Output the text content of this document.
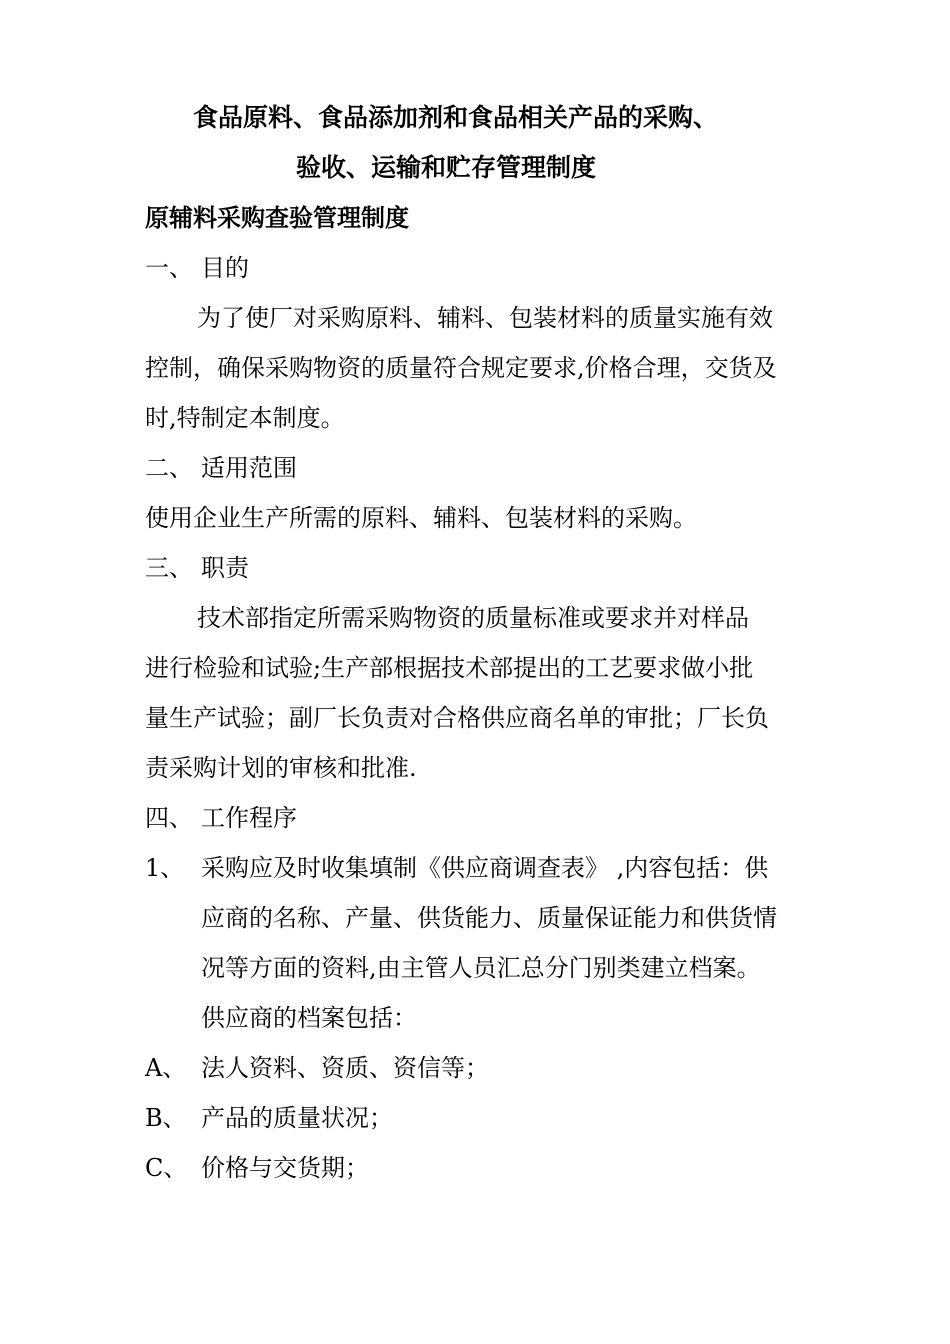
食品原料、食品添加剂和食品相关产品的采购、
验收、运输和贮存管理制度
原辅料采购查验管理制度
一、 目的
为了使厂对采购原料、辅料、包装材料的质量实施有效
控制，确保采购物资的质量符合规定要求,价格合理，交货及
时,特制定本制度。
二、 适用范围
使用企业生产所需的原料、辅料、包装材料的采购。
三、 职责
技术部指定所需采购物资的质量标准或要求并对样品
进行检验和试验;生产部根据技术部提出的工艺要求做小批
量生产试验；副厂长负责对合格供应商名单的审批；厂长负
责采购计划的审核和批准.
四、 工作程序
1、 采购应及时收集填制《供应商调查表》 ,内容包括：供
应商的名称、产量、供货能力、质量保证能力和供货情
况等方面的资料,由主管人员汇总分门别类建立档案。
供应商的档案包括：
A、 法人资料、资质、资信等；
B、 产品的质量状况；
C、 价格与交货期；
